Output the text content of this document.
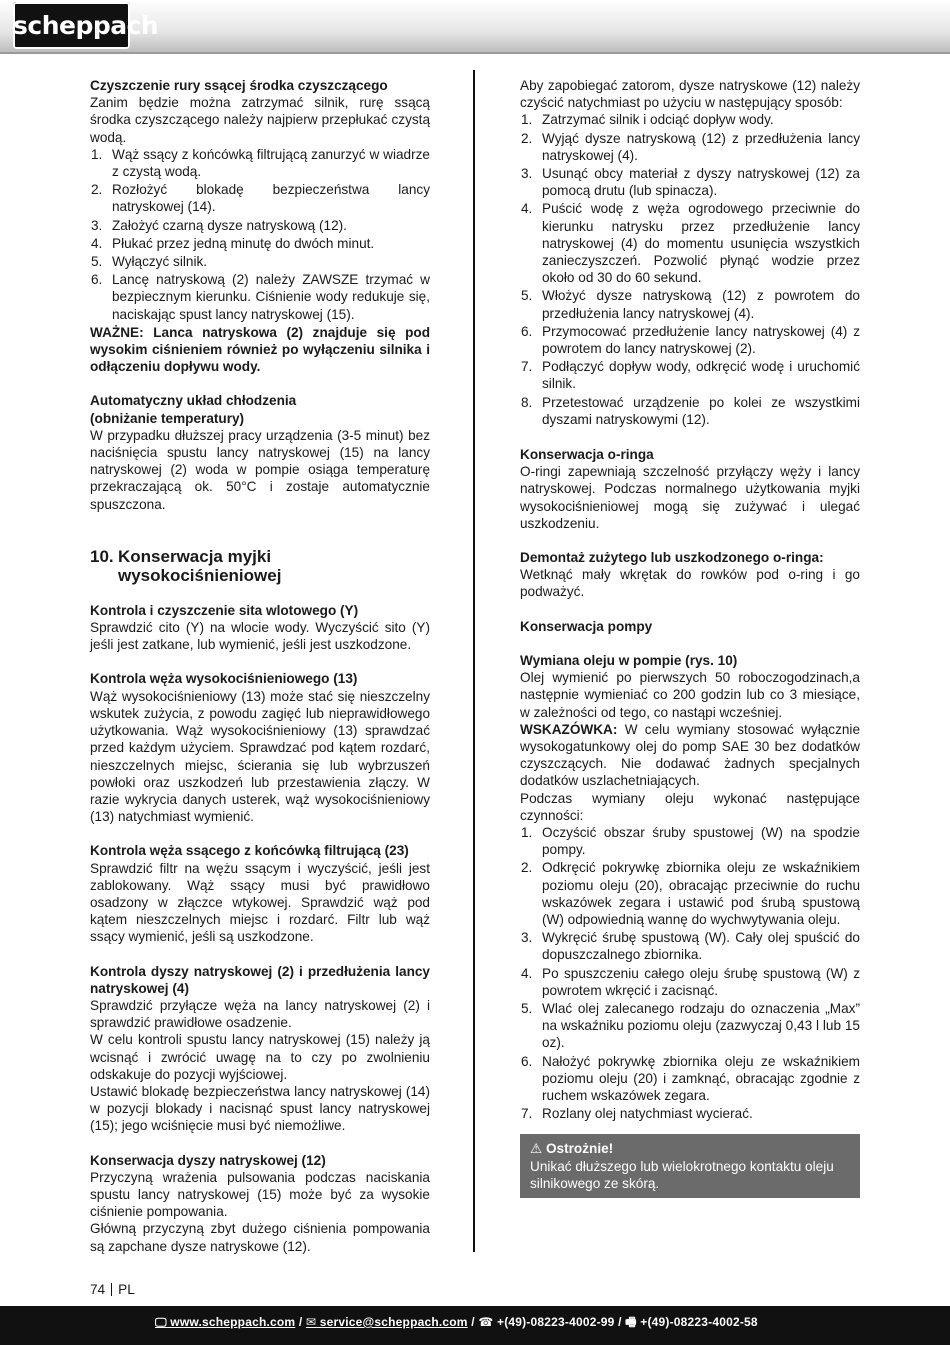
scheppach
Czyszczenie rury ssącej środka czyszczącego

Zanim będzie można zatrzymać silnik, rurę ssącą środka czyszczącego należy najpierw przepłukać czystą wodą.

1. Wąż ssący z końcówką filtrującą zanurzyć w wiadrze z czystą wodą.
2. Rozłożyć blokadę bezpieczeństwa lancy natryskowej (14).
3. Założyć czarną dysze natryskową (12).
4. Płukać przez jedną minutę do dwóch minut.
5. Wyłączyć silnik.
6. Lancę natryskową (2) należy ZAWSZE trzymać w bezpiecznym kierunku. Ciśnienie wody redukuje się, naciskając spust lancy natryskowej (15).

WAŻNE: Lanca natryskowa (2) znajduje się pod wysokim ciśnieniem również po wyłączeniu silnika i odłączeniu dopływu wody.

Automatyczny układ chłodzenia
(obniżanie temperatury)

W przypadku dłuższej pracy urządzenia (3-5 minut) bez naciśnięcia spustu lancy natryskowej (15) na lancy natryskowej (2) woda w pompie osiąga temperaturę przekraczającą ok. 50°C i zostaje automatycznie spuszczona.

10. Konserwacja myjki wysokociśnieniowej
Kontrola i czyszczenie sita wlotowego (Y)

Sprawdzić cito (Y) na wlocie wody. Wyczyścić sito (Y) jeśli jest zatkane, lub wymienić, jeśli jest uszkodzone.

Kontrola węża wysokociśnieniowego (13)

Wąż wysokociśnieniowy (13) może stać się nieszczelny wskutek zużycia, z powodu zagięć lub nieprawidłowego użytkowania. Wąż wysokociśnieniowy (13) sprawdzać przed każdym użyciem. Sprawdzać pod kątem rozdarć, nieszczelnych miejsc, ścierania się lub wybrzuszeń powłoki oraz uszkodzeń lub przestawienia złączy. W razie wykrycia danych usterek, wąż wysokociśnieniowy (13) natychmiast wymienić.

Kontrola węża ssącego z końcówką filtrującą (23)

Sprawdzić filtr na wężu ssącym i wyczyścić, jeśli jest zablokowany. Wąż ssący musi być prawidłowo osadzony w złączce wtykowej. Sprawdzić wąż pod kątem nieszczelnych miejsc i rozdarć. Filtr lub wąż ssący wymienić, jeśli są uszkodzone.

Kontrola dyszy natryskowej (2) i przedłużenia lancy natryskowej (4)

Sprawdzić przyłącze węża na lancy natryskowej (2) i sprawdzić prawidłowe osadzenie.

W celu kontroli spustu lancy natryskowej (15) należy ją wcisnąć i zwrócić uwagę na to czy po zwolnieniu odskakuje do pozycji wyjściowej.

Ustawić blokadę bezpieczeństwa lancy natryskowej (14) w pozycji blokady i nacisnąć spust lancy natryskowej (15); jego wciśnięcie musi być niemożliwe.

Konserwacja dyszy natryskowej (12)

Przyczyną wrażenia pulsowania podczas naciskania spustu lancy natryskowej (15) może być za wysokie ciśnienie pompowania.

Główną przyczyną zbyt dużego ciśnienia pompowania są zapchane dysze natryskowe (12).

Aby zapobiegać zatorom, dysze natryskowe (12) należy czyścić natychmiast po użyciu w następujący sposób:

1. Zatrzymać silnik i odciąć dopływ wody.
2. Wyjąć dysze natryskową (12) z przedłużenia lancy natryskowej (4).
3. Usunąć obcy materiał z dyszy natryskowej (12) za pomocą drutu (lub spinacza).
4. Puścić wodę z węża ogrodowego przeciwnie do kierunku natrysku przez przedłużenie lancy natryskowej (4) do momentu usunięcia wszystkich zanieczyszczeń. Pozwolić płynąć wodzie przez około od 30 do 60 sekund.
5. Włożyć dysze natryskową (12) z powrotem do przedłużenia lancy natryskowej (4).
6. Przymocować przedłużenie lancy natryskowej (4) z powrotem do lancy natryskowej (2).
7. Podłączyć dopływ wody, odkręcić wodę i uruchomić silnik.
8. Przetestować urządzenie po kolei ze wszystkimi dyszami natryskowymi (12).
Konserwacja o-ringa

O-ringi zapewniają szczelność przyłączy węży i lancy natryskowej. Podczas normalnego użytkowania myjki wysokociśnieniowej mogą się zużywać i ulegać uszkodzeniu.

Demontaż zużytego lub uszkodzonego o-ringa:

Wetknąć mały wkrętak do rowków pod o-ring i go podważyć.

Konserwacja pompy
Wymiana oleju w pompie (rys. 10)

Olej wymienić po pierwszych 50 roboczogodzinach,a następnie wymieniać co 200 godzin lub co 3 miesiące, w zależności od tego, co nastąpi wcześniej.

WSKAZÓWKA: W celu wymiany stosować wyłącznie wysokogatunkowy olej do pomp SAE 30 bez dodatków czyszczących. Nie dodawać żadnych specjalnych dodatków uszlachetniających.

Podczas wymiany oleju wykonać następujące czynności:

1. Oczyścić obszar śruby spustowej (W) na spodzie pompy.
2. Odkręcić pokrywkę zbiornika oleju ze wskaźnikiem poziomu oleju (20), obracając przeciwnie do ruchu wskazówek zegara i ustawić pod śrubą spustową (W) odpowiednią wannę do wychwytywania oleju.
3. Wykręcić śrubę spustową (W). Cały olej spuścić do dopuszczalnego zbiornika.
4. Po spuszczeniu całego oleju śrubę spustową (W) z powrotem wkręcić i zacisnąć.
5. Wlać olej zalecanego rodzaju do oznaczenia „Max” na wskaźniku poziomu oleju (zazwyczaj 0,43 l lub 15 oz).
6. Nałożyć pokrywkę zbiornika oleju ze wskaźnikiem poziomu oleju (20) i zamknąć, obracając zgodnie z ruchem wskazówek zegara.
7. Rozlany olej natychmiast wycierać.
⚠ Ostrożnie!
Unikać dłuższego lub wielokrotnego kontaktu oleju silnikowego ze skórą.
74 PL
🖵 www.scheppach.com / ✉ service@scheppach.com / ☎ +(49)-08223-4002-99 / 🖷 +(49)-08223-4002-58
